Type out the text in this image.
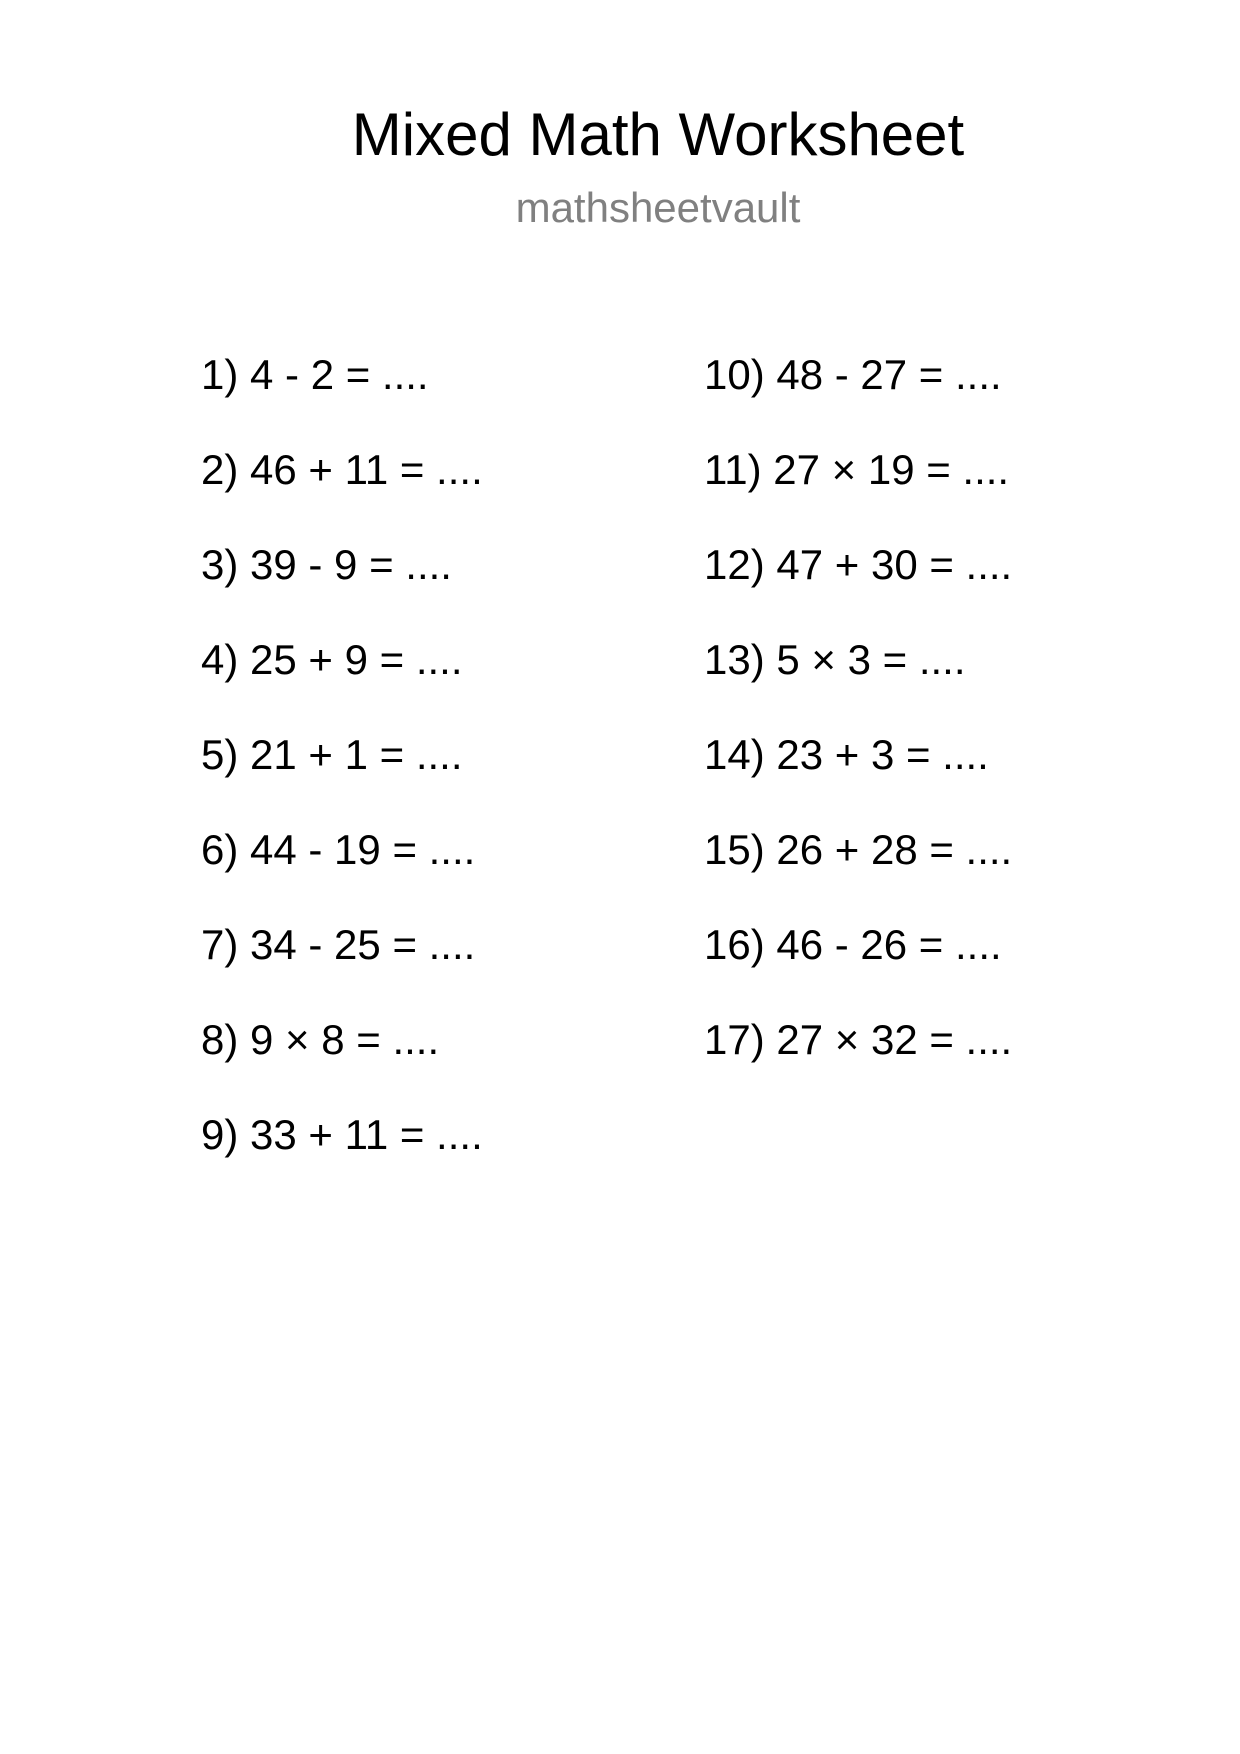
Mixed Math Worksheet
mathsheetvault
1) 4 - 2 = ....
2) 46 + 11 = ....
3) 39 - 9 = ....
4) 25 + 9 = ....
5) 21 + 1 = ....
6) 44 - 19 = ....
7) 34 - 25 = ....
8) 9 × 8 = ....
9) 33 + 11 = ....
10) 48 - 27 = ....
11) 27 × 19 = ....
12) 47 + 30 = ....
13) 5 × 3 = ....
14) 23 + 3 = ....
15) 26 + 28 = ....
16) 46 - 26 = ....
17) 27 × 32 = ....
